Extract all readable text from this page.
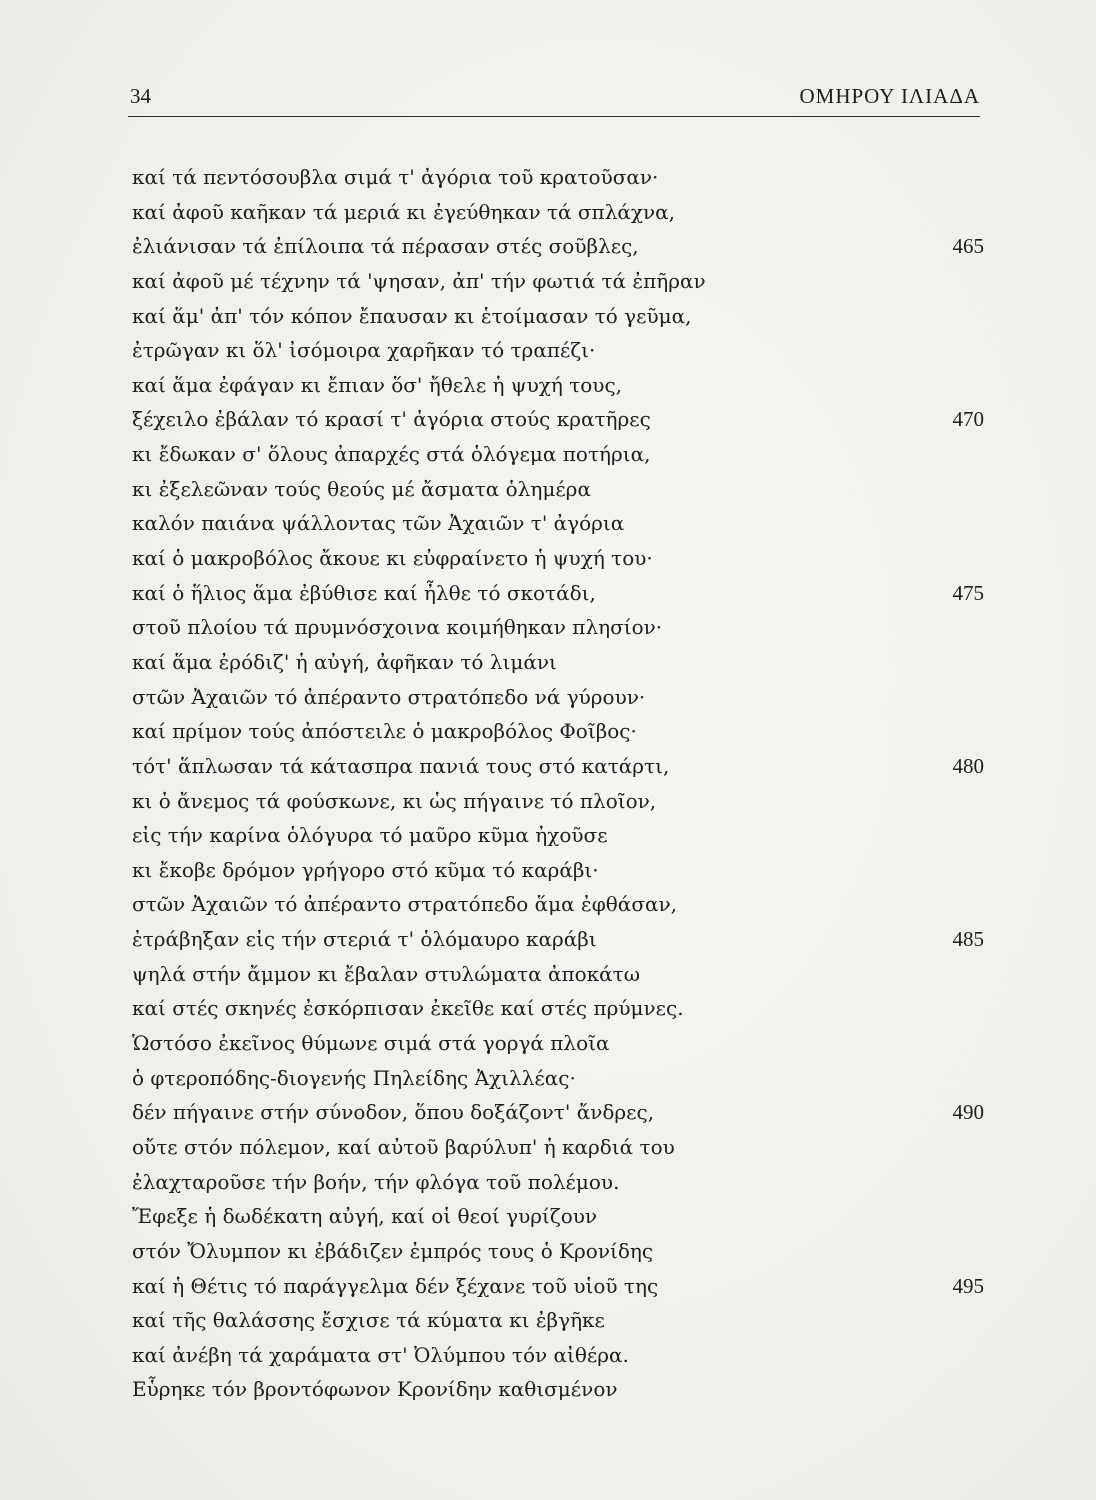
34	ΟΜΗΡΟΥ ΙΛΙΑΔΑ
καί τά πεντόσουβλα σιμά τ' ἀγόρια τοῦ κρατοῦσαν·
καί ἀφοῦ καῆκαν τά μεριά κι ἐγεύθηκαν τά σπλάχνα,
ἐλιάνισαν τά ἐπίλοιπα τά πέρασαν στές σοῦβλες,	465
καί ἀφοῦ μέ τέχνην τά 'ψησαν, ἀπ' τήν φωτιά τά ἐπῆραν
καί ἅμ' ἀπ' τόν κόπον ἔπαυσαν κι ἑτοίμασαν τό γεῦμα,
ἐτρῶγαν κι ὅλ' ἰσόμοιρα χαρῆκαν τό τραπέζι·
καί ἅμα ἐφάγαν κι ἔπιαν ὅσ' ἤθελε ἡ ψυχή τους,
ξέχειλο ἐβάλαν τό κρασί τ' ἀγόρια στούς κρατῆρες	470
κι ἔδωκαν σ' ὅλους ἀπαρχές στά ὁλόγεμα ποτήρια,
κι ἐξελεῶναν τούς θεούς μέ ἄσματα ὁλημέρα
καλόν παιάνα ψάλλοντας τῶν Ἀχαιῶν τ' ἀγόρια
καί ὁ μακροβόλος ἄκουε κι εὐφραίνετο ἡ ψυχή του·
καί ὁ ἥλιος ἅμα ἐβύθισε καί ἦλθε τό σκοτάδι,	475
στοῦ πλοίου τά πρυμνόσχοινα κοιμήθηκαν πλησίον·
καί ἅμα ἐρόδιζ' ἡ αὐγή, ἀφῆκαν τό λιμάνι
στῶν Ἀχαιῶν τό ἀπέραντο στρατόπεδο νά γύρουν·
καί πρίμον τούς ἀπόστειλε ὁ μακροβόλος Φοῖβος·
τότ' ἅπλωσαν τά κάτασπρα πανιά τους στό κατάρτι,	480
κι ὁ ἄνεμος τά φούσκωνε, κι ὡς πήγαινε τό πλοῖον,
εἰς τήν καρίνα ὁλόγυρα τό μαῦρο κῦμα ἠχοῦσε
κι ἔκοβε δρόμον γρήγορο στό κῦμα τό καράβι·
στῶν Ἀχαιῶν τό ἀπέραντο στρατόπεδο ἅμα ἐφθάσαν,
ἐτράβηξαν εἰς τήν στεριά τ' ὁλόμαυρο καράβι	485
ψηλά στήν ἄμμον κι ἔβαλαν στυλώματα ἀποκάτω
καί στές σκηνές ἐσκόρπισαν ἐκεῖθε καί στές πρύμνες.
Ὡστόσο ἐκεῖνος θύμωνε σιμά στά γοργά πλοῖα
ὁ φτεροπόδης-διογενής Πηλείδης Ἀχιλλέας·
δέν πήγαινε στήν σύνοδον, ὅπου δοξάζοντ' ἄνδρες,	490
οὔτε στόν πόλεμον, καί αὐτοῦ βαρύλυπ' ἡ καρδιά του
ἐλαχταροῦσε τήν βοήν, τήν φλόγα τοῦ πολέμου.
Ἔφεξε ἡ δωδέκατη αὐγή, καί οἱ θεοί γυρίζουν
στόν Ὄλυμπον κι ἐβάδιζεν ἐμπρός τους ὁ Κρονίδης
καί ἡ Θέτις τό παράγγελμα δέν ξέχανε τοῦ υἱοῦ της	495
καί τῆς θαλάσσης ἔσχισε τά κύματα κι ἐβγῆκε
καί ἀνέβη τά χαράματα στ' Ὀλύμπου τόν αἰθέρα.
Εὗρηκε τόν βροντόφωνον Κρονίδην καθισμένον
